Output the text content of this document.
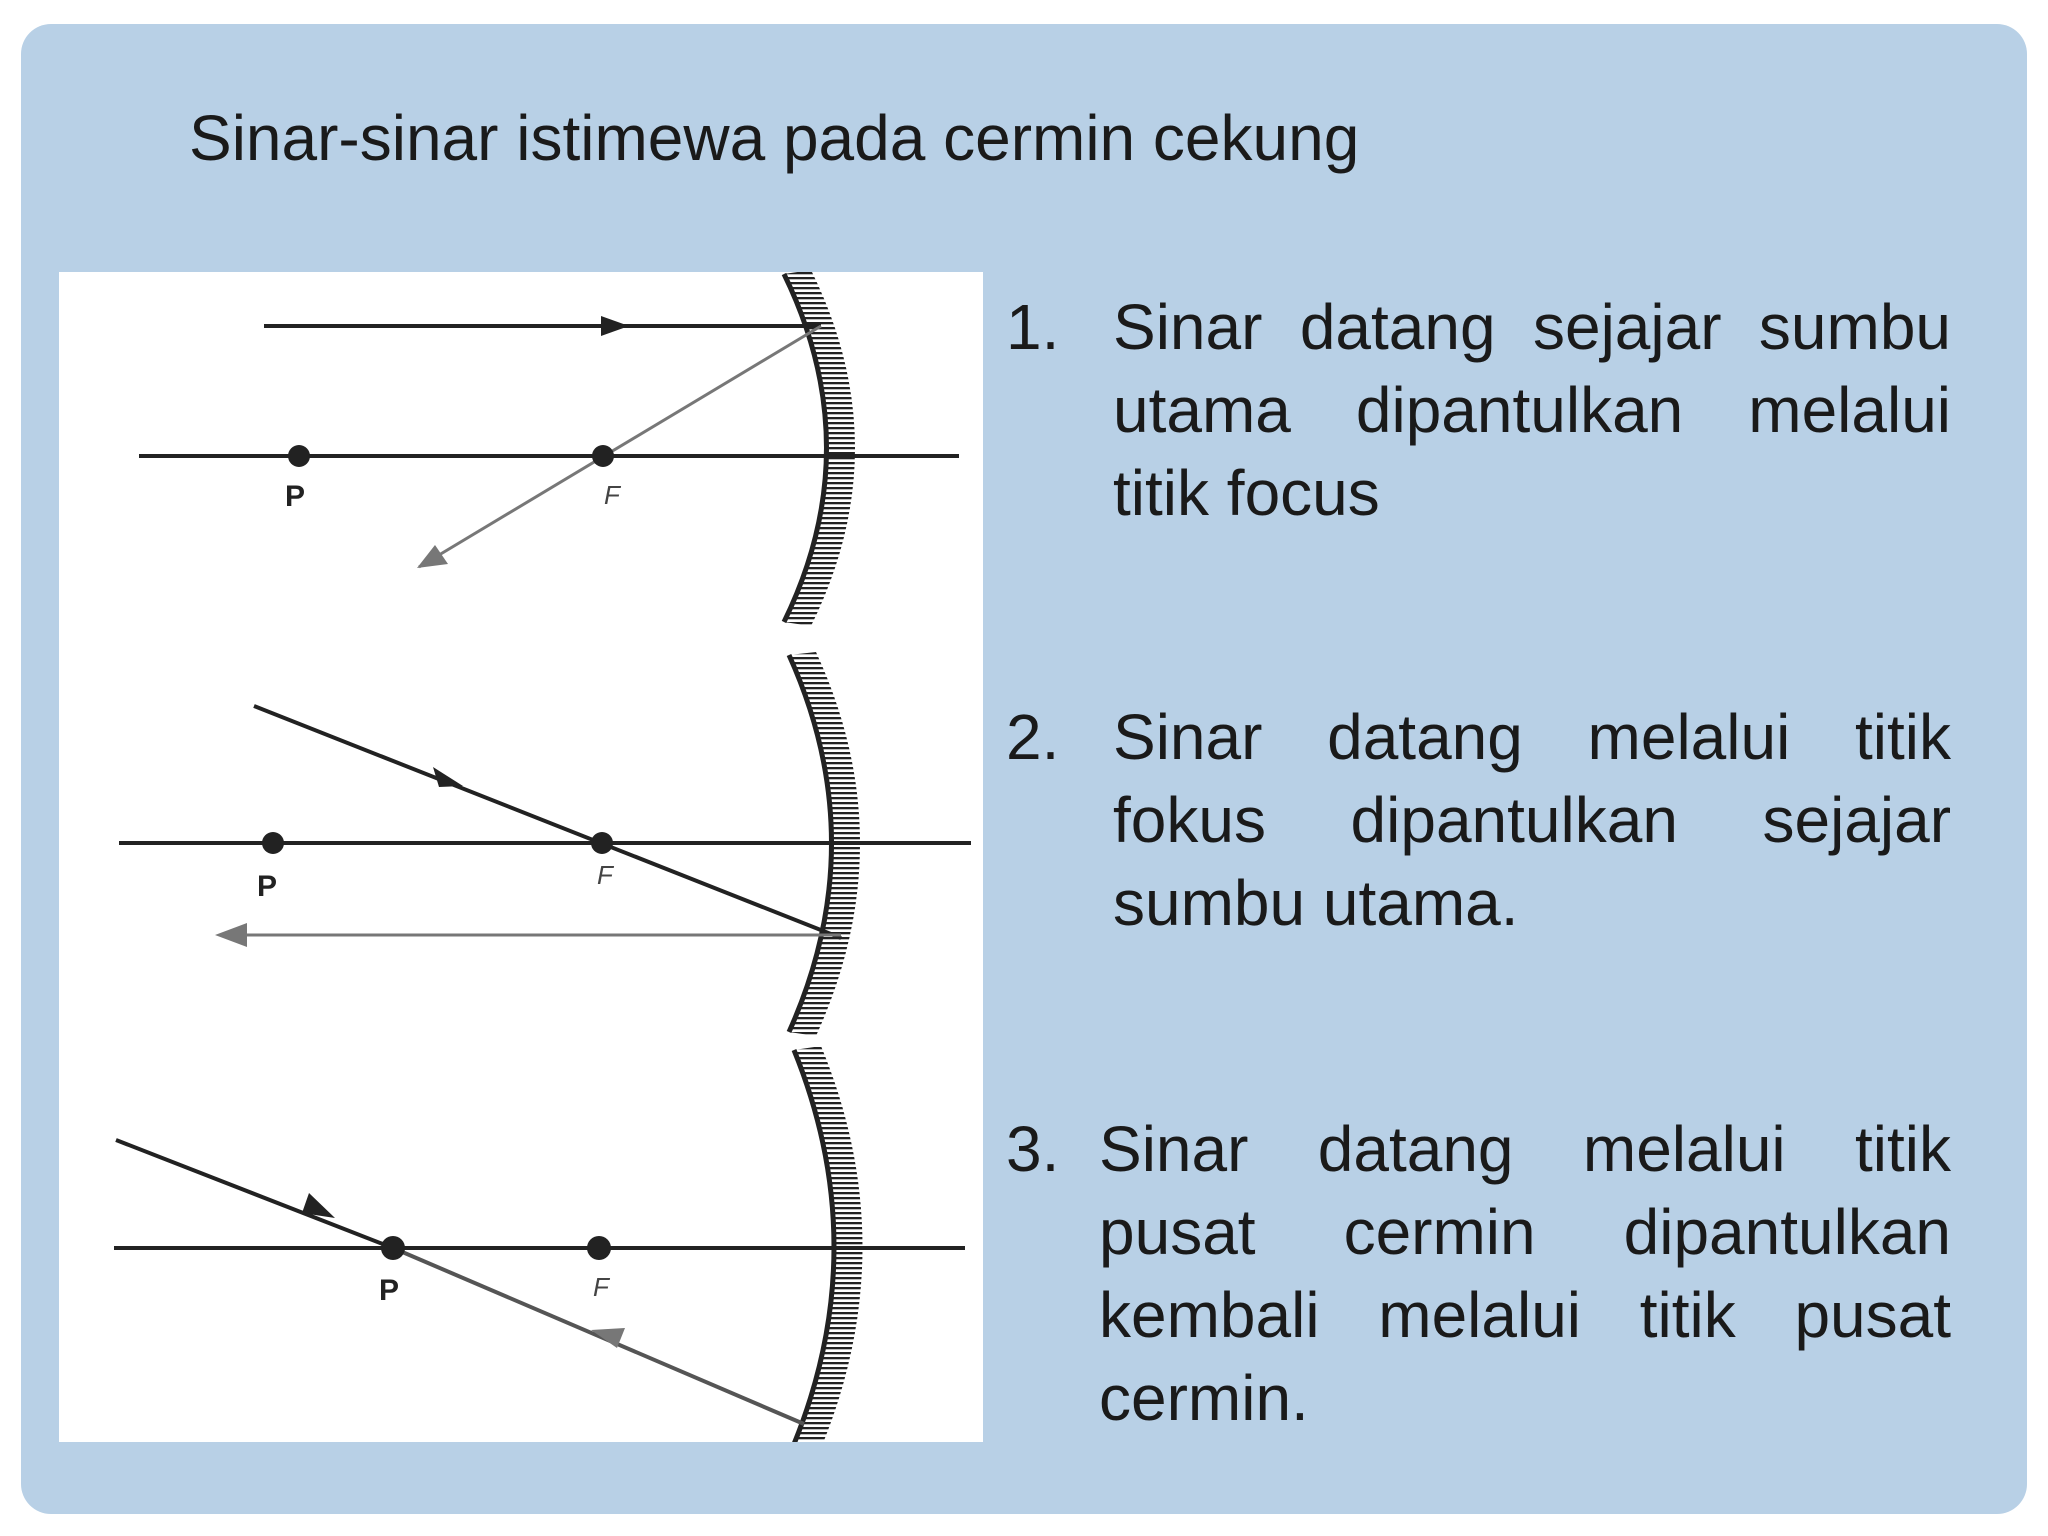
Sinar-sinar istimewa pada cermin cekung
P	F
P	F
P	F
1. Sinar datang sejajar sumbu utama dipantulkan melalui titik focus
2. Sinar datang melalui titik fokus dipantulkan sejajar sumbu utama.
3. Sinar datang melalui titik pusat cermin dipantulkan kembali melalui titik pusat cermin.
